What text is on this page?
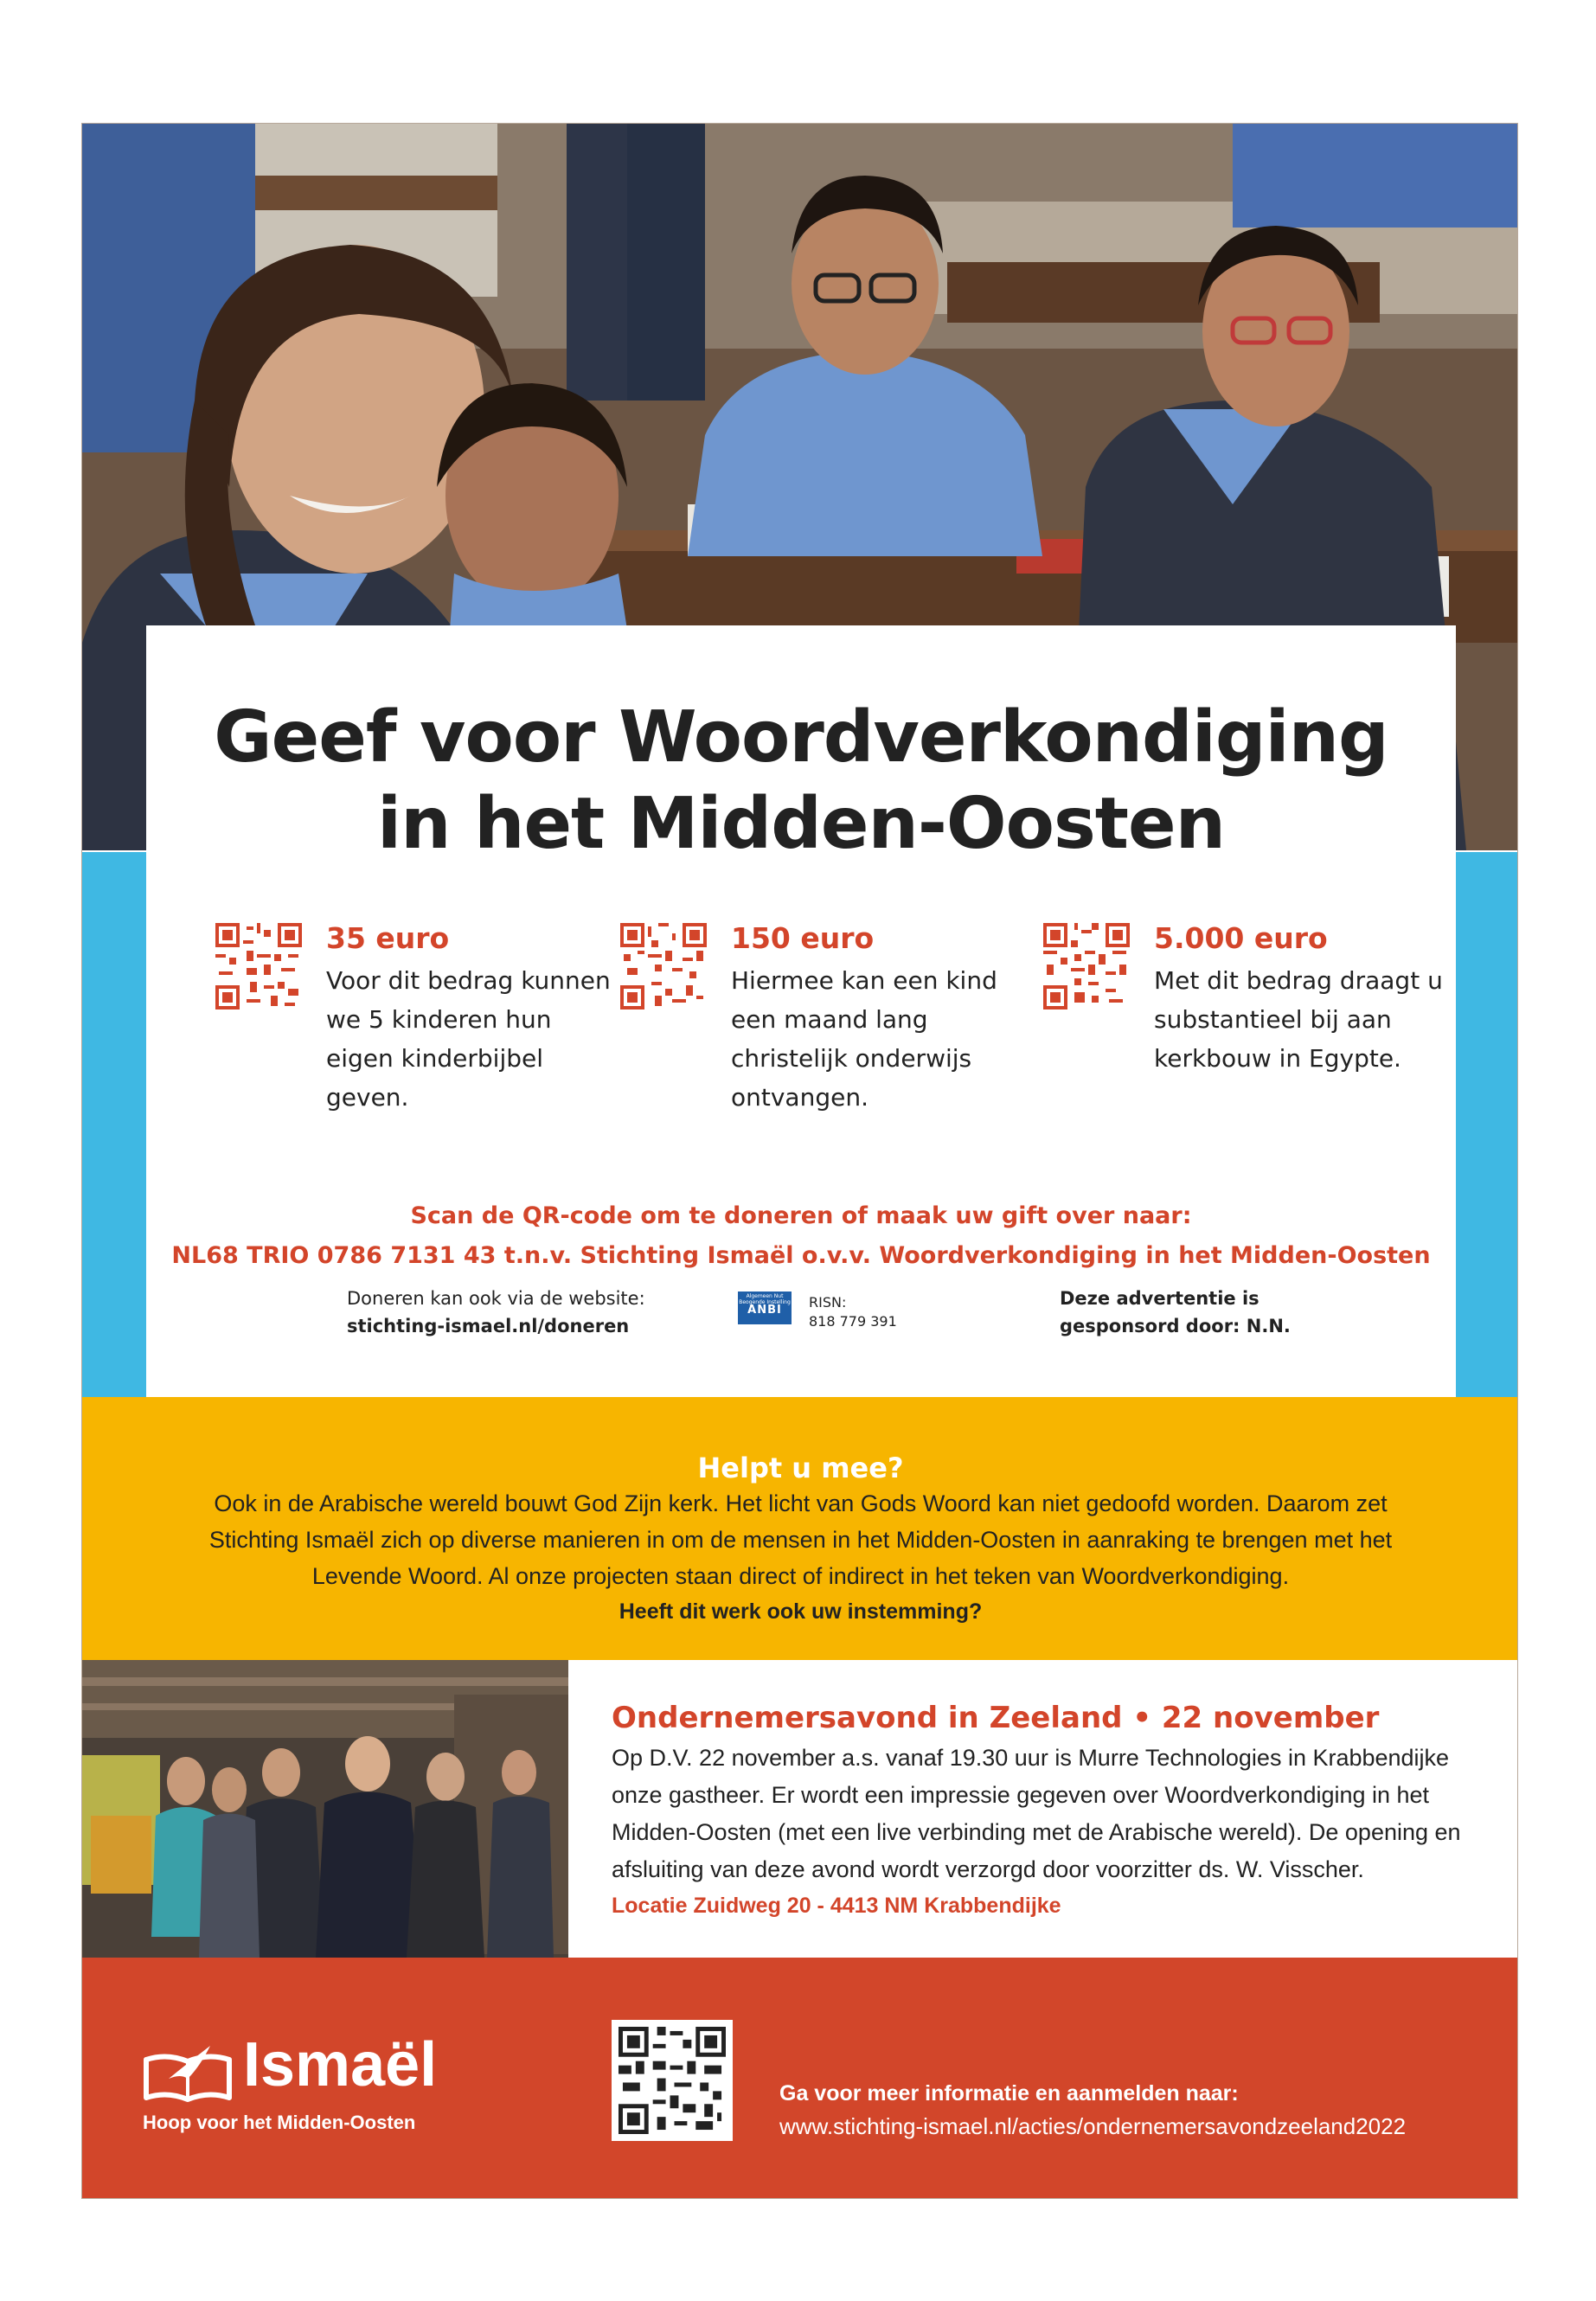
Geef voor Woordverkondiging
in het Midden-Oosten
35 euro
Voor dit bedrag kunnen we 5 kinderen hun eigen kinderbijbel geven.
150 euro
Hiermee kan een kind een maand lang christelijk onderwijs ontvangen.
5.000 euro
Met dit bedrag draagt u substantieel bij aan kerkbouw in Egypte.
Scan de QR-code om te doneren of maak uw gift over naar:
NL68 TRIO 0786 7131 43 t.n.v. Stichting Ismaël o.v.v. Woordverkondiging in het Midden-Oosten
Doneren kan ook via de website:
stichting-ismael.nl/doneren
Algemeen Nut Beogende Instelling
ANBI	RISN:
818 779 391
Deze advertentie is
gesponsord door: N.N.
Helpt u mee?
Ook in de Arabische wereld bouwt God Zijn kerk. Het licht van Gods Woord kan niet gedoofd worden. Daarom zet
Stichting Ismaël zich op diverse manieren in om de mensen in het Midden-Oosten in aanraking te brengen met het
Levende Woord. Al onze projecten staan direct of indirect in het teken van Woordverkondiging.
Heeft dit werk ook uw instemming?
Ondernemersavond in Zeeland • 22 november
Op D.V. 22 november a.s. vanaf 19.30 uur is Murre Technologies in Krabbendijke onze gastheer. Er wordt een impressie gegeven over Woordverkondiging in het Midden-Oosten (met een live verbinding met de Arabische wereld). De opening en afsluiting van deze avond wordt verzorgd door voorzitter ds. W. Visscher.
Locatie Zuidweg 20 - 4413 NM Krabbendijke
Ismaël
Hoop voor het Midden-Oosten
Ga voor meer informatie en aanmelden naar:
www.stichting-ismael.nl/acties/ondernemersavondzeeland2022
